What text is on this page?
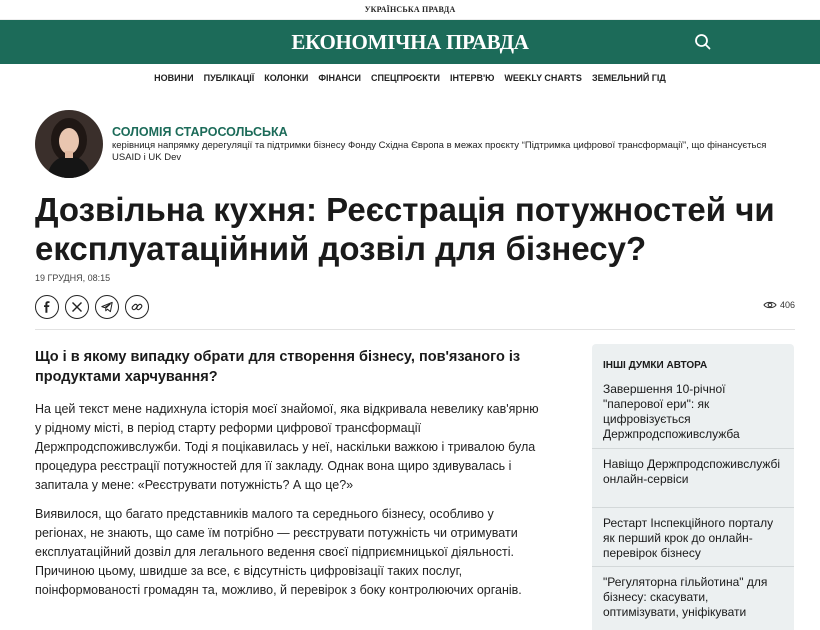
УКРАЇНСЬКА ПРАВДА
ЕКОНОМІЧНА ПРАВДА
НОВИНИ ПУБЛІКАЦІЇ КОЛОНКИ ФІНАНСИ СПЕЦПРОЄКТИ ІНТЕРВ'Ю WEEKLY CHARTS ЗЕМЕЛЬНИЙ ГІД
СОЛОМІЯ СТАРОСОЛЬСЬКА
керівниця напрямку дерегуляції та підтримки бізнесу Фонду Східна Європа в межах проєкту “Підтримка цифрової трансформації”, що фінансується USAID і UK Dev
Дозвільна кухня: Реєстрація потужностей чи експлуатаційний дозвіл для бізнесу?
19 ГРУДНЯ, 08:15
406
Що і в якому випадку обрати для створення бізнесу, пов'язаного із продуктами харчування?

На цей текст мене надихнула історія моєї знайомої, яка відкривала невелику кав'ярню у рідному місті, в період старту реформи цифрової трансформації Держпродспоживслужби. Тоді я поцікавилась у неї, наскільки важкою і тривалою була процедура реєстрації потужностей для її закладу. Однак вона щиро здивувалась і запитала у мене: «Реєструвати потужність? А що це?»

Виявилося, що багато представників малого та середнього бізнесу, особливо у регіонах, не знають, що саме їм потрібно — реєструвати потужність чи отримувати експлуатаційний дозвіл для легального ведення своєї підприємницької діяльності. Причиною цьому, швидше за все, є відсутність цифровізації таких послуг, поінформованості громадян та, можливо, й перевірок з боку контролюючих органів.

ІНШІ ДУМКИ АВТОРА
Завершення 10-річної "паперової ери": як цифровізується Держпродспоживслужба
Навіщо Держпродспоживслужбі онлайн-сервіси
Рестарт Інспекційного порталу як перший крок до онлайн-перевірок бізнесу
"Регуляторна гільйотина" для бізнесу: скасувати, оптимізувати, уніфікувати
